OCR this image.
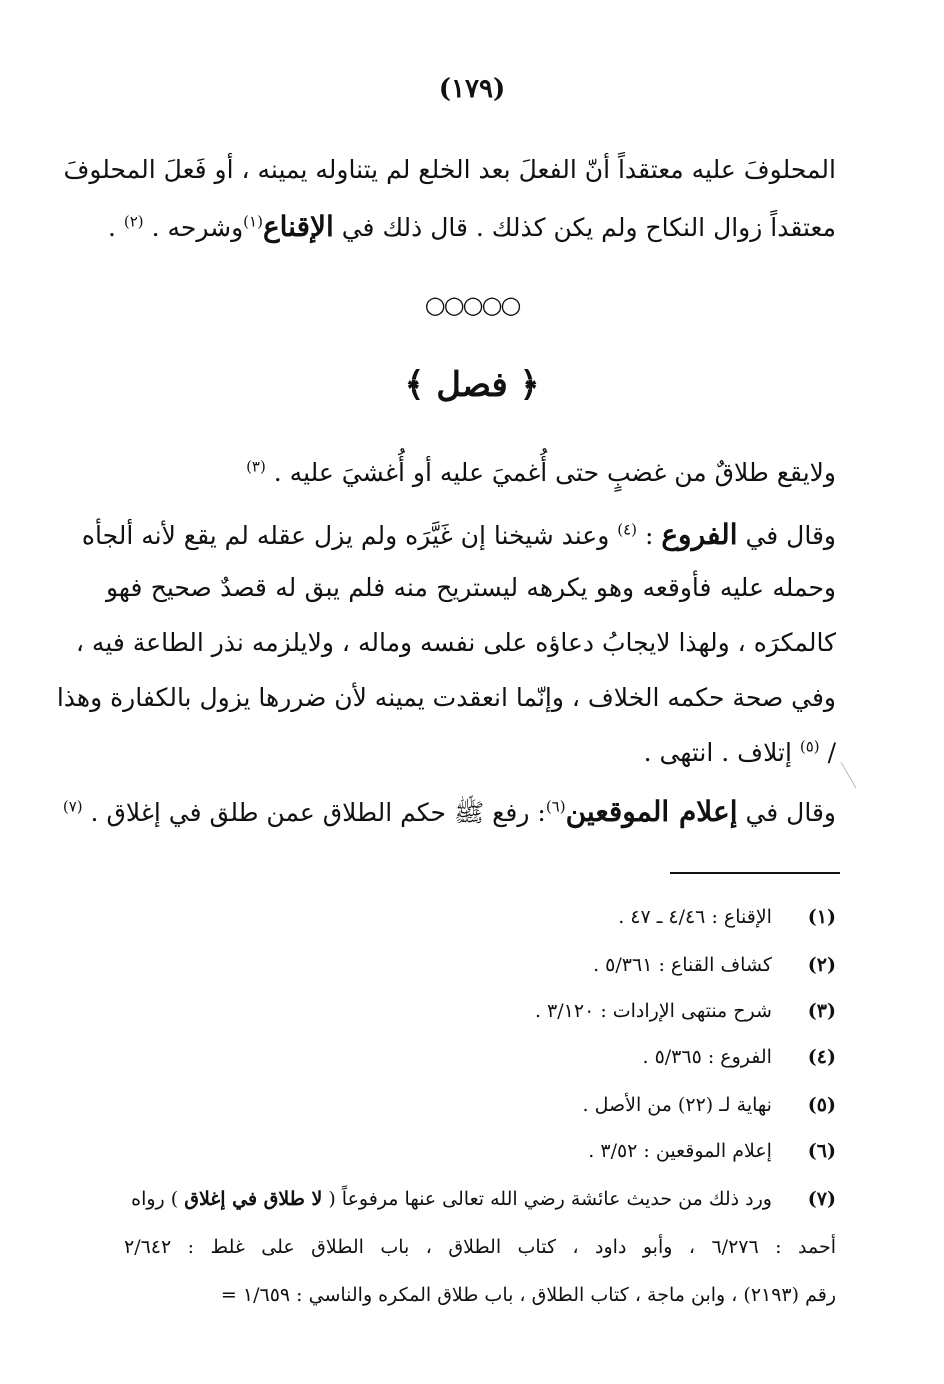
(١٧٩)
المحلوفَ عليه معتقداً أنّ الفعلَ بعد الخلع لم يتناوله يمينه ، أو فَعلَ المحلوفَ
معتقداً زوال النكاح ولم يكن كذلك . قال ذلك في الإقناع$^{(١)}$وشرحه . $^{(٢)}$ .
○○○○○
﴿ فصل ﴾
ولايقع طلاقٌ من غضبٍ حتى أُغميَ عليه أو أُغشيَ عليه . $^{(٣)}$
وقال في الفروع : $^{(٤)}$ وعند شيخنا إن غَيَّرَه ولم يزل عقله لم يقع لأنه ألجأه
وحمله عليه فأوقعه وهو يكرهه ليستريح منه فلم يبق له قصدٌ صحيح فهو
كالمكرَه ، ولهذا لايجابُ دعاؤه على نفسه وماله ، ولايلزمه نذر الطاعة فيه ،
وفي صحة حكمه الخلاف ، وإنّما انعقدت يمينه لأن ضررها يزول بالكفارة وهذا
/ $^{(٥)}$ إتلاف . انتهى .
وقال في إعلام الموقعين$^{(٦)}$: رفع ﷺ حكم الطلاق عمن طلق في إغلاق . $^{(٧)}$
(١) الإقناع : ٤/٤٦ ـ ٤٧ .
(٢) كشاف القناع : ٥/٣٦١ .
(٣) شرح منتهى الإرادات : ٣/١٢٠ .
(٤) الفروع : ٥/٣٦٥ .
(٥) نهاية لـ (٢٢) من الأصل .
(٦) إعلام الموقعين : ٣/٥٢ .
(٧) ورد ذلك من حديث عائشة رضي الله تعالى عنها مرفوعاً ( لا طلاق في إغلاق ) رواه
أحمد : ٦/٢٧٦ ، وأبو داود ، كتاب الطلاق ، باب الطلاق على غلط : ٢/٦٤٢
رقم (٢١٩٣) ، وابن ماجة ، كتاب الطلاق ، باب طلاق المكره والناسي : ١/٦٥٩ =
